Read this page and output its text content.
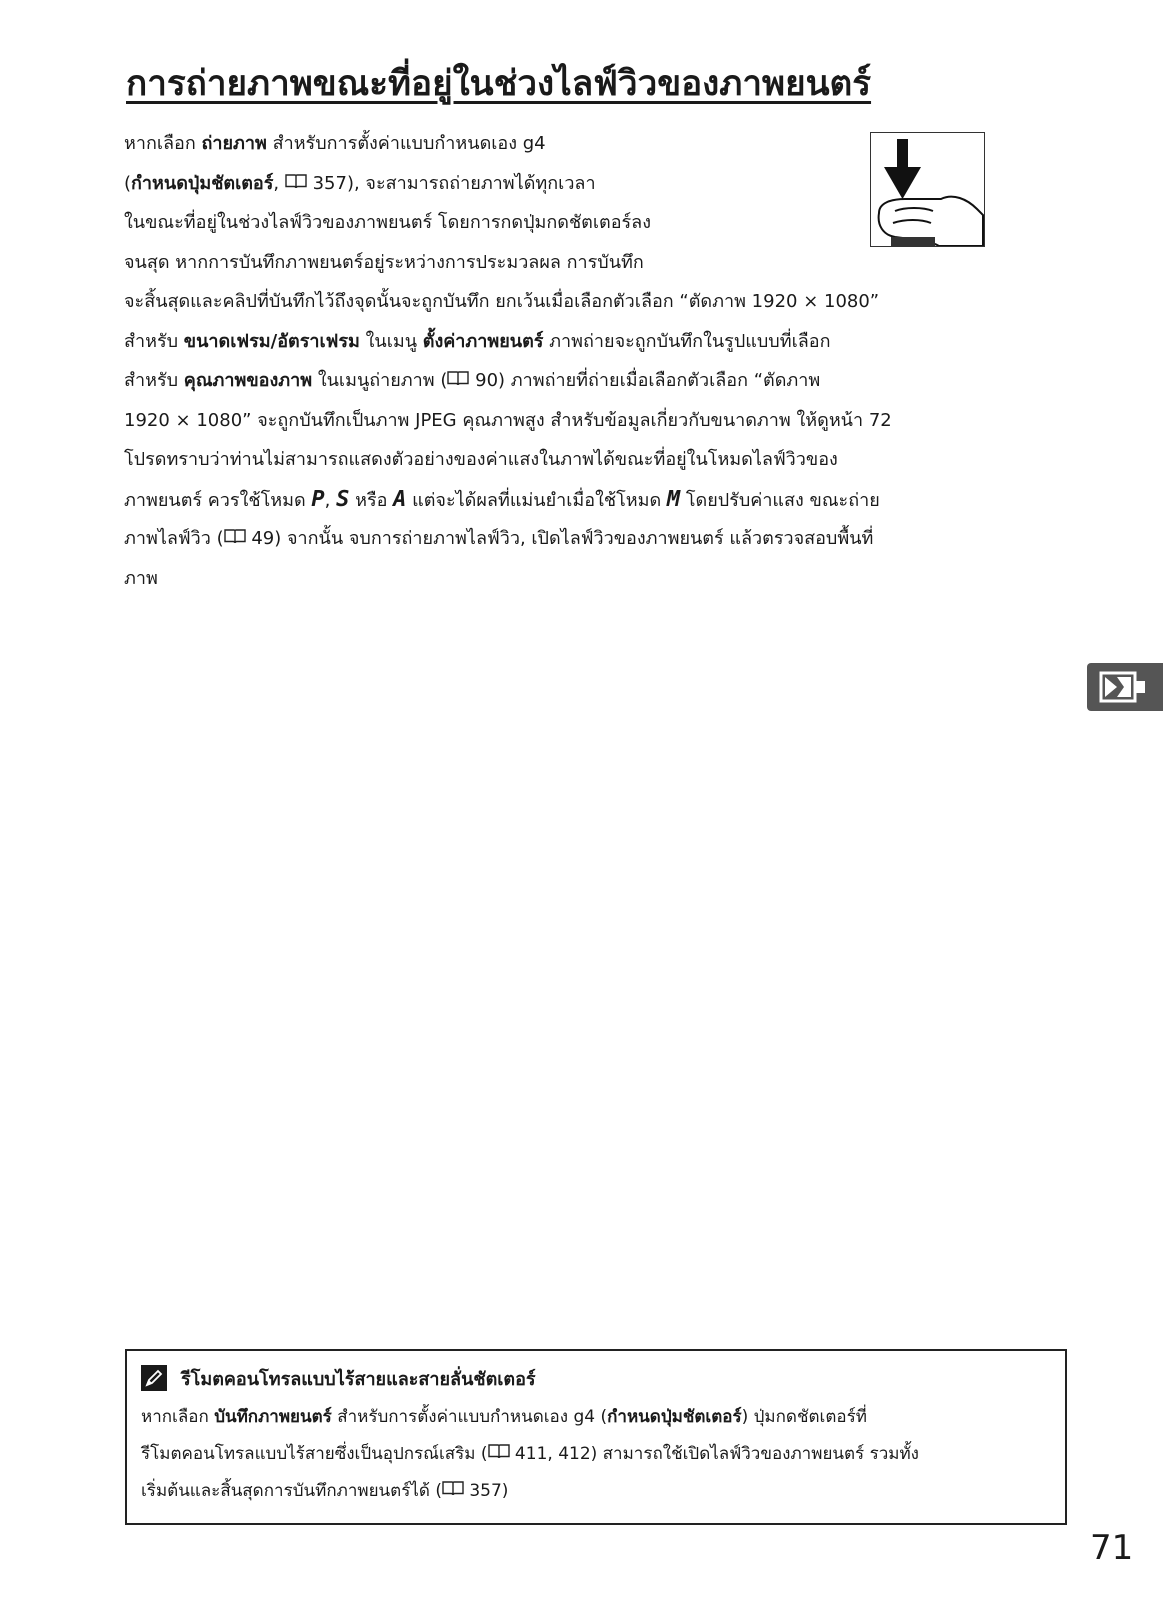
การถ่ายภาพขณะที่อยู่ในช่วงไลฟ์วิวของภาพยนตร์
หากเลือก ถ่ายภาพ สำหรับการตั้งค่าแบบกำหนดเอง g4
(กำหนดปุ่มชัตเตอร์,  357), จะสามารถถ่ายภาพได้ทุกเวลา
ในขณะที่อยู่ในช่วงไลฟ์วิวของภาพยนตร์ โดยการกดปุ่มกดชัตเตอร์ลง
จนสุด หากการบันทึกภาพยนตร์อยู่ระหว่างการประมวลผล การบันทึก
จะสิ้นสุดและคลิปที่บันทึกไว้ถึงจุดนั้นจะถูกบันทึก ยกเว้นเมื่อเลือกตัวเลือก “ตัดภาพ 1920 × 1080”
สำหรับ ขนาดเฟรม/อัตราเฟรม ในเมนู ตั้งค่าภาพยนตร์ ภาพถ่ายจะถูกบันทึกในรูปแบบที่เลือก
สำหรับ คุณภาพของภาพ ในเมนูถ่ายภาพ ( 90) ภาพถ่ายที่ถ่ายเมื่อเลือกตัวเลือก “ตัดภาพ
1920 × 1080” จะถูกบันทึกเป็นภาพ JPEG คุณภาพสูง สำหรับข้อมูลเกี่ยวกับขนาดภาพ ให้ดูหน้า 72
โปรดทราบว่าท่านไม่สามารถแสดงตัวอย่างของค่าแสงในภาพได้ขณะที่อยู่ในโหมดไลฟ์วิวของ
ภาพยนตร์ ควรใช้โหมด P, S หรือ A แต่จะได้ผลที่แม่นยำเมื่อใช้โหมด M โดยปรับค่าแสง ขณะถ่าย
ภาพไลฟ์วิว ( 49) จากนั้น จบการถ่ายภาพไลฟ์วิว, เปิดไลฟ์วิวของภาพยนตร์ แล้วตรวจสอบพื้นที่
ภาพ
รีโมตคอนโทรลแบบไร้สายและสายลั่นชัตเตอร์
หากเลือก บันทึกภาพยนตร์ สำหรับการตั้งค่าแบบกำหนดเอง g4 (กำหนดปุ่มชัตเตอร์) ปุ่มกดชัตเตอร์ที่
รีโมตคอนโทรลแบบไร้สายซึ่งเป็นอุปกรณ์เสริม ( 411, 412) สามารถใช้เปิดไลฟ์วิวของภาพยนตร์ รวมทั้ง
เริ่มต้นและสิ้นสุดการบันทึกภาพยนตร์ได้ ( 357)
71
